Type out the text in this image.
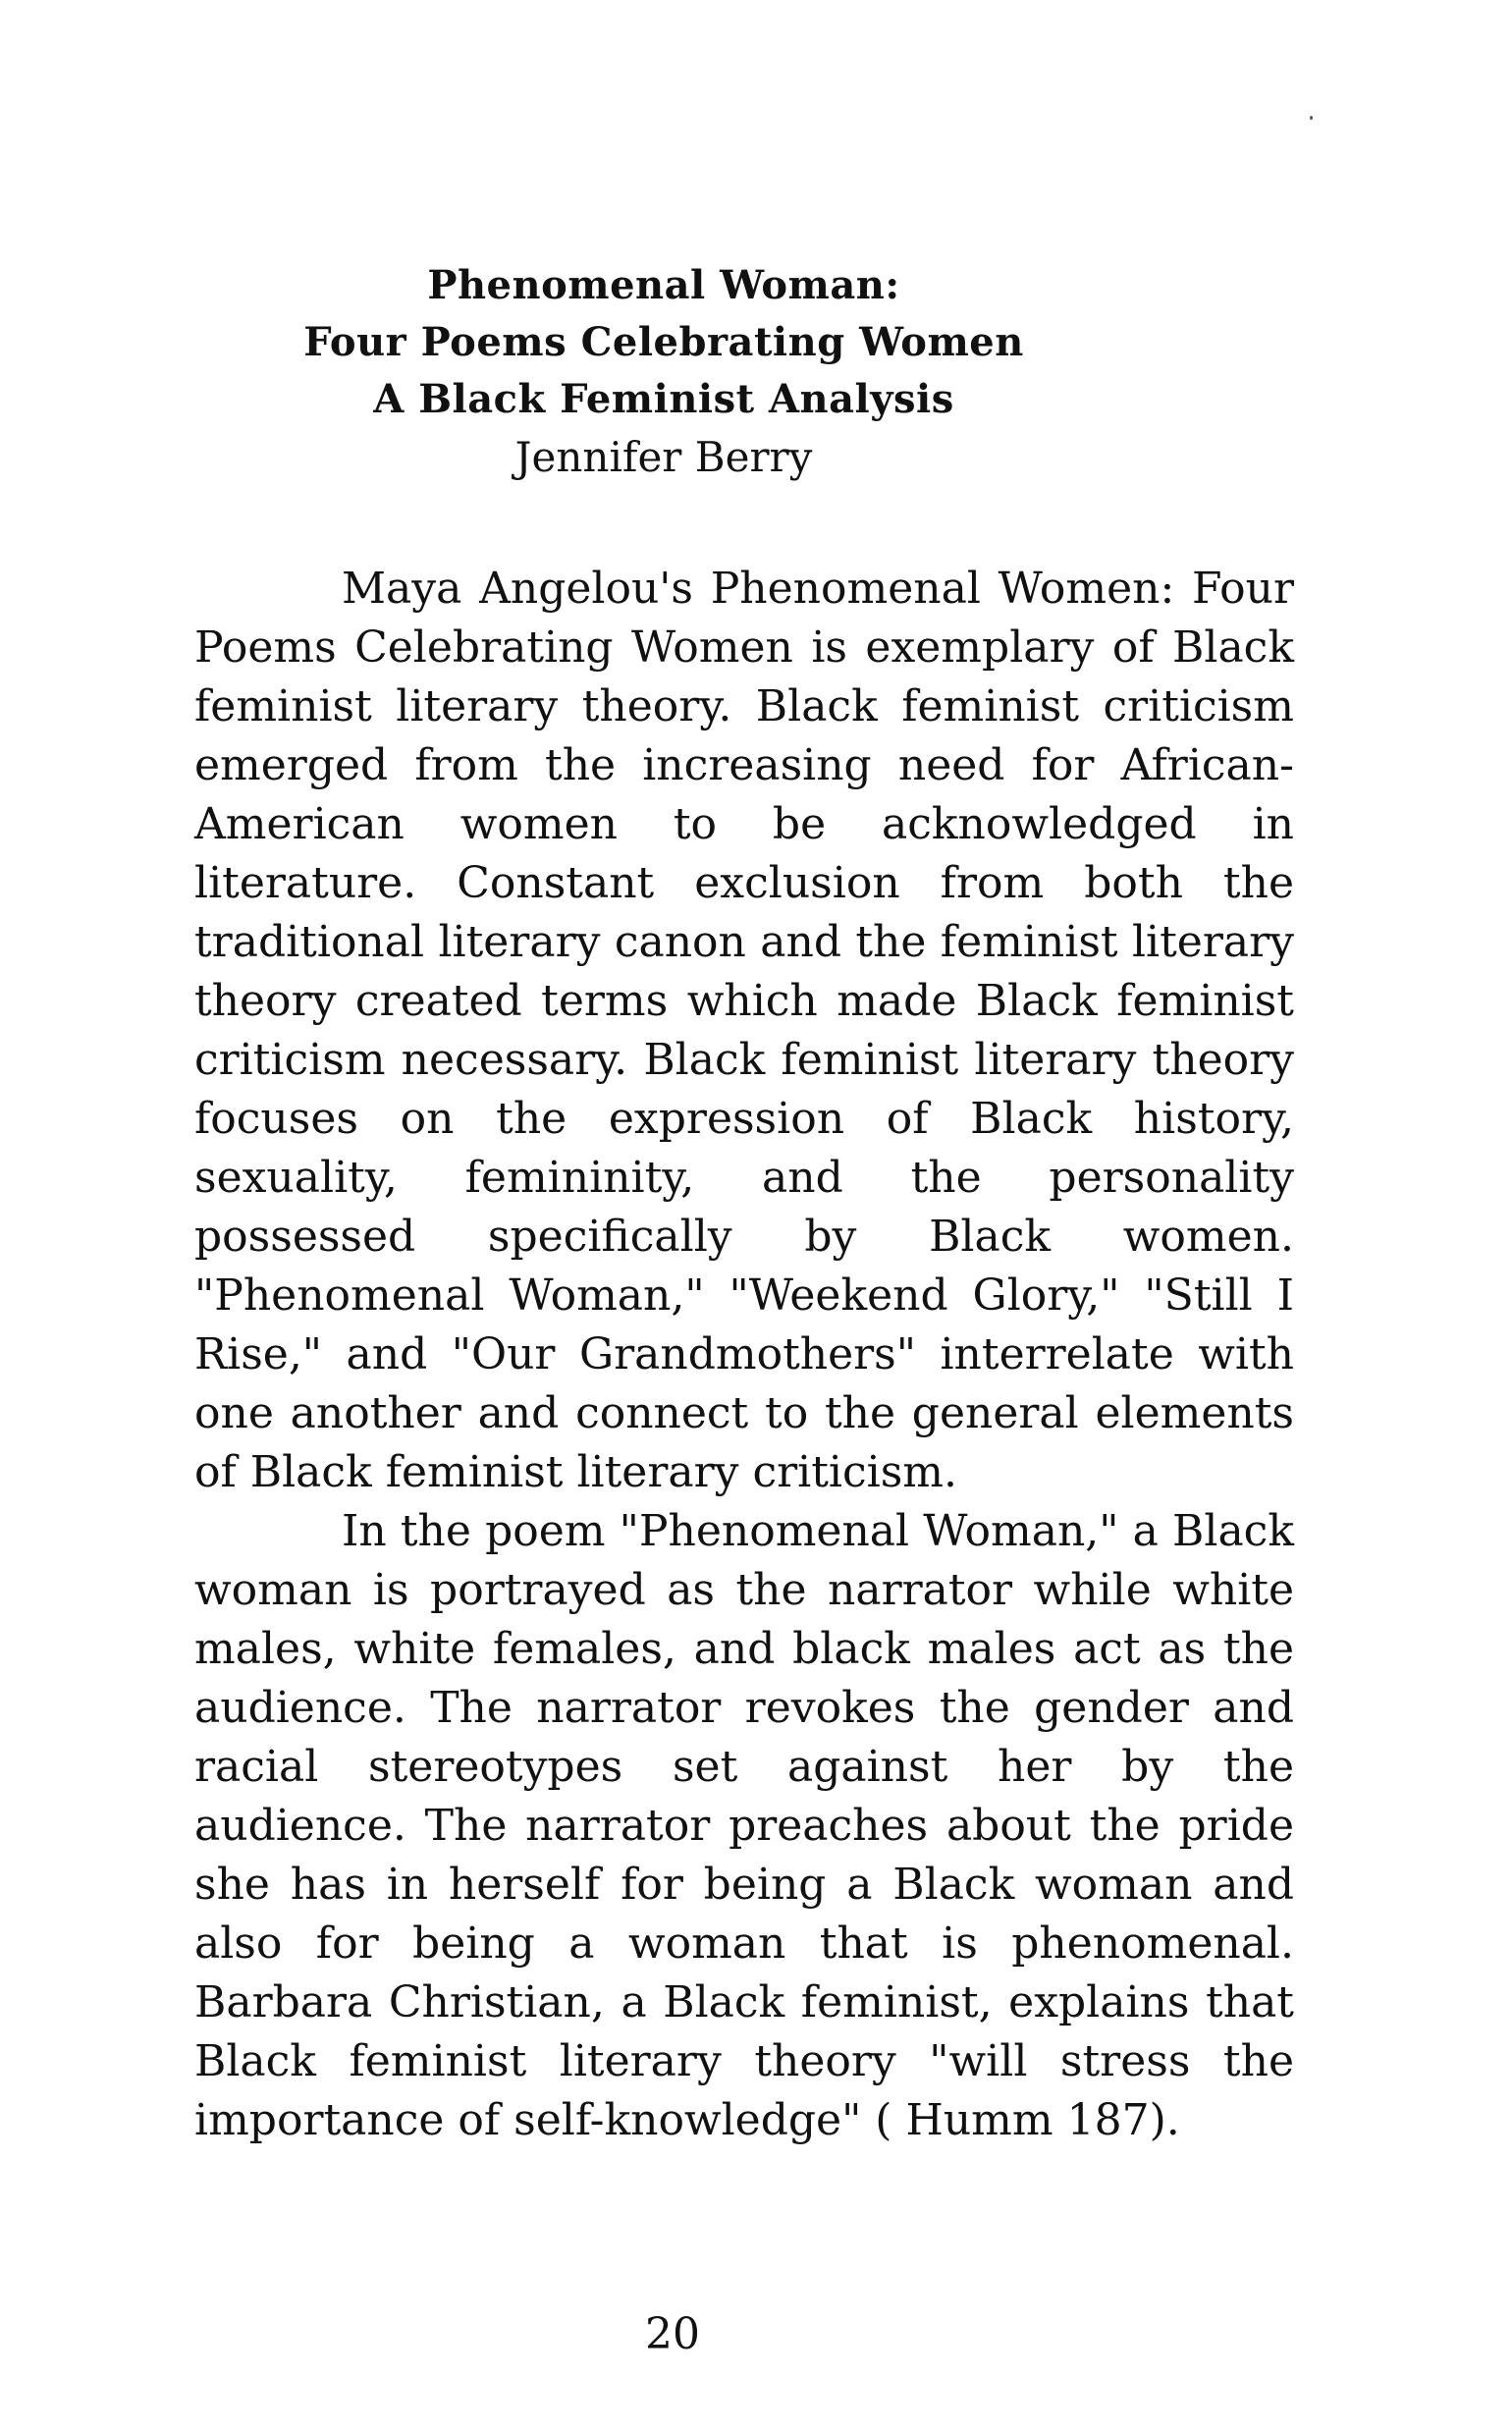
Phenomenal Woman:
Four Poems Celebrating Women
A Black Feminist Analysis
Jennifer Berry

Maya Angelou's Phenomenal Women: Four Poems Celebrating Women is exemplary of Black feminist literary theory. Black feminist criticism emerged from the increasing need for African-American women to be acknowledged in literature. Constant exclusion from both the traditional literary canon and the feminist literary theory created terms which made Black feminist criticism necessary. Black feminist literary theory focuses on the expression of Black history, sexuality, femininity, and the personality possessed specifically by Black women. "Phenomenal Woman," "Weekend Glory," "Still I Rise," and "Our Grandmothers" interrelate with one another and connect to the general elements of Black feminist literary criticism.

In the poem "Phenomenal Woman," a Black woman is portrayed as the narrator while white males, white females, and black males act as the audience. The narrator revokes the gender and racial stereotypes set against her by the audience. The narrator preaches about the pride she has in herself for being a Black woman and also for being a woman that is phenomenal. Barbara Christian, a Black feminist, explains that Black feminist literary theory "will stress the importance of self-knowledge" ( Humm 187).

20
